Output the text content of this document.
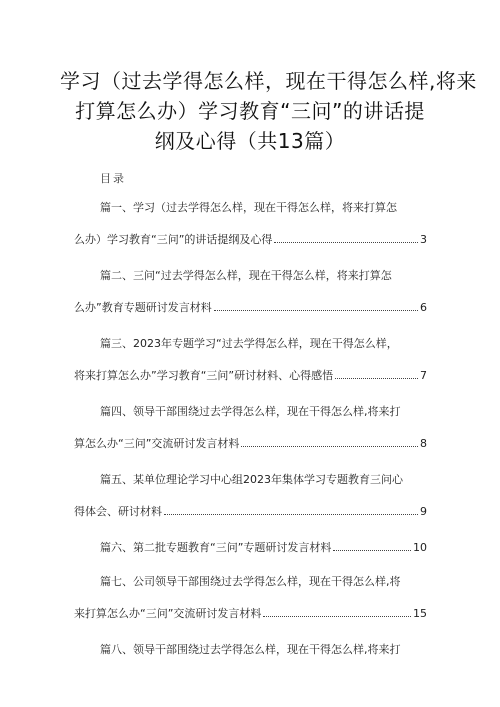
学习（过去学得怎么样，现在干得怎么样,将来
打算怎么办）学习教育“三问”的讲话提
纲及心得（共13篇）
目录
篇一、学习（过去学得怎么样，现在干得怎么样，将来打算怎
么办）学习教育“三问”的讲话提纲及心得	3
篇二、三问“过去学得怎么样，现在干得怎么样，将来打算怎
么办”教育专题研讨发言材料	6
篇三、2023年专题学习“过去学得怎么样，现在干得怎么样，
将来打算怎么办”学习教育“三问”研讨材料、心得感悟	7
篇四、领导干部围绕过去学得怎么样，现在干得怎么样,将来打
算怎么办“三问”交流研讨发言材料	8
篇五、某单位理论学习中心组2023年集体学习专题教育三问心
得体会、研讨材料	9
篇六、第二批专题教育“三问”专题研讨发言材料	10
篇七、公司领导干部围绕过去学得怎么样，现在干得怎么样,将
来打算怎么办“三问”交流研讨发言材料	15
篇八、领导干部围绕过去学得怎么样，现在干得怎么样,将来打
